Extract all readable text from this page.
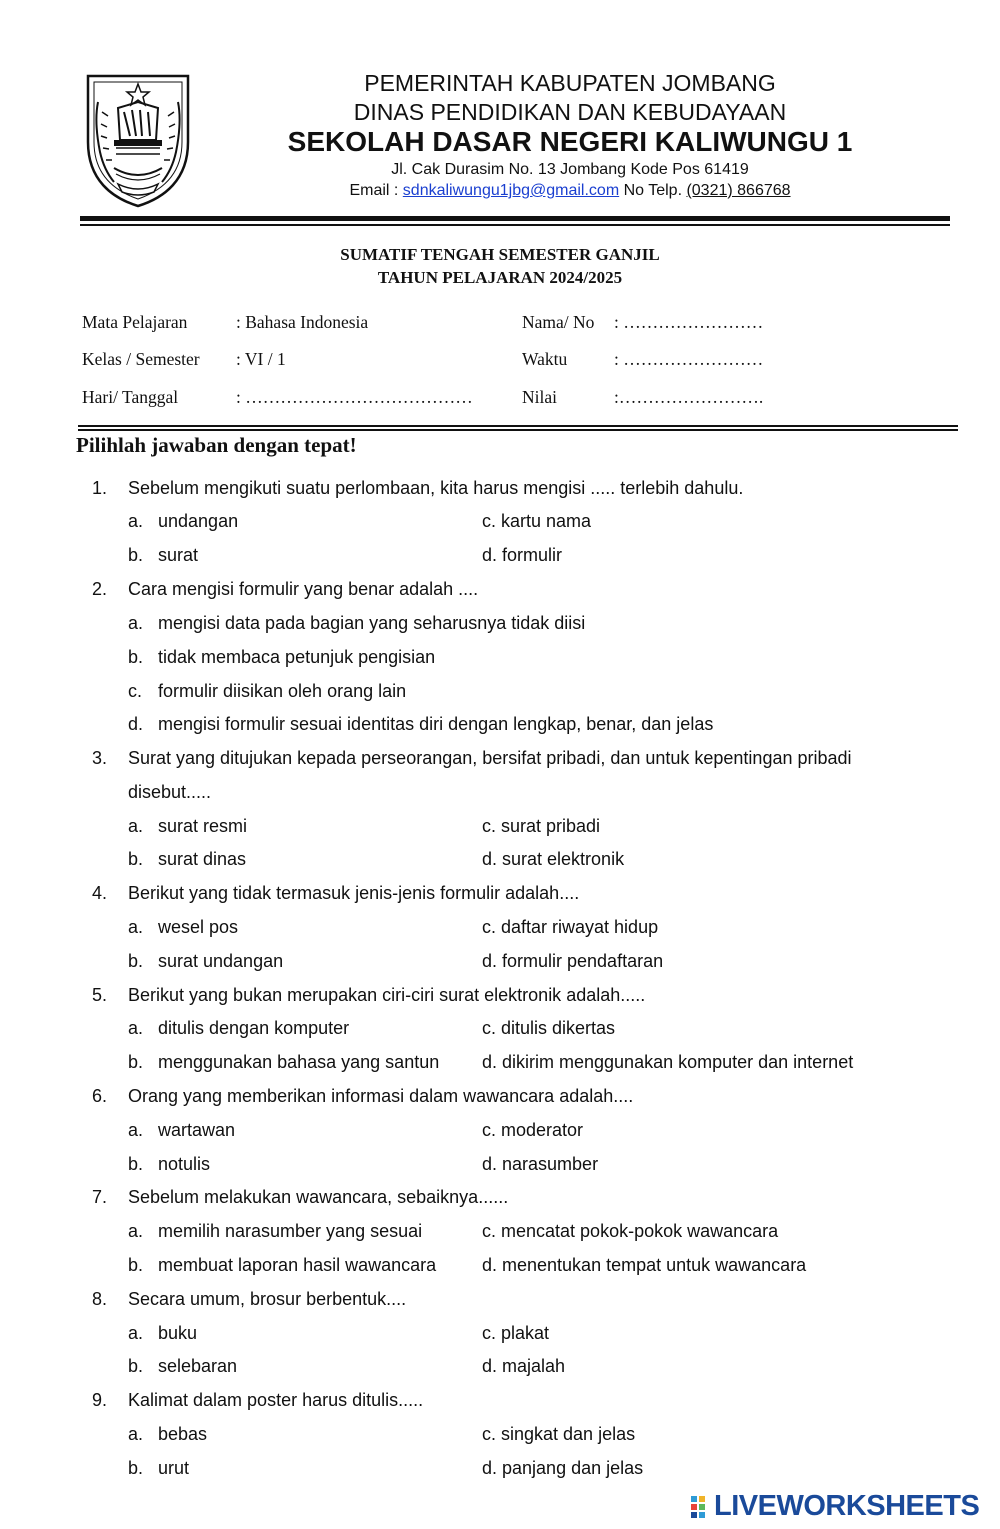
PEMERINTAH KABUPATEN JOMBANG
DINAS PENDIDIKAN DAN KEBUDAYAAN
SEKOLAH DASAR NEGERI KALIWUNGU 1
Jl. Cak Durasim No. 13 Jombang Kode Pos 61419
Email : sdnkaliwungu1jbg@gmail.com No Telp. (0321) 866768
SUMATIF TENGAH SEMESTER GANJIL
TAHUN PELAJARAN 2024/2025
Mata Pelajaran	: Bahasa Indonesia	Nama/ No : ……………………
Kelas / Semester : VI / 1	Waktu	: ……………………
Hari/ Tanggal	: …………………………………	Nilai	:…………………….
Pilihlah jawaban dengan tepat!
1. Sebelum mengikuti suatu perlombaan, kita harus mengisi ..... terlebih dahulu.
a. undangan	c. kartu nama
b. surat	d. formulir
2. Cara mengisi formulir yang benar adalah ....
a. mengisi data pada bagian yang seharusnya tidak diisi
b. tidak membaca petunjuk pengisian
c. formulir diisikan oleh orang lain
d. mengisi formulir sesuai identitas diri dengan lengkap, benar, dan jelas
3. Surat yang ditujukan kepada perseorangan, bersifat pribadi, dan untuk kepentingan pribadi
disebut.....
a. surat resmi	c. surat pribadi
b. surat dinas	d. surat elektronik
4. Berikut yang tidak termasuk jenis-jenis formulir adalah....
a. wesel pos	c. daftar riwayat hidup
b. surat undangan	d. formulir pendaftaran
5. Berikut yang bukan merupakan ciri-ciri surat elektronik adalah.....
a. ditulis dengan komputer	c. ditulis dikertas
b. menggunakan bahasa yang santun d. dikirim menggunakan komputer dan internet
6. Orang yang memberikan informasi dalam wawancara adalah....
a. wartawan	c. moderator
b. notulis	d. narasumber
7. Sebelum melakukan wawancara, sebaiknya......
a. memilih narasumber yang sesuai	c. mencatat pokok-pokok wawancara
b. membuat laporan hasil wawancara	d. menentukan tempat untuk wawancara
8. Secara umum, brosur berbentuk....
a. buku	c. plakat
b. selebaran	d. majalah
9. Kalimat dalam poster harus ditulis.....
a. bebas	c. singkat dan jelas
b. urut	d. panjang dan jelas
LIVEWORKSHEETS
